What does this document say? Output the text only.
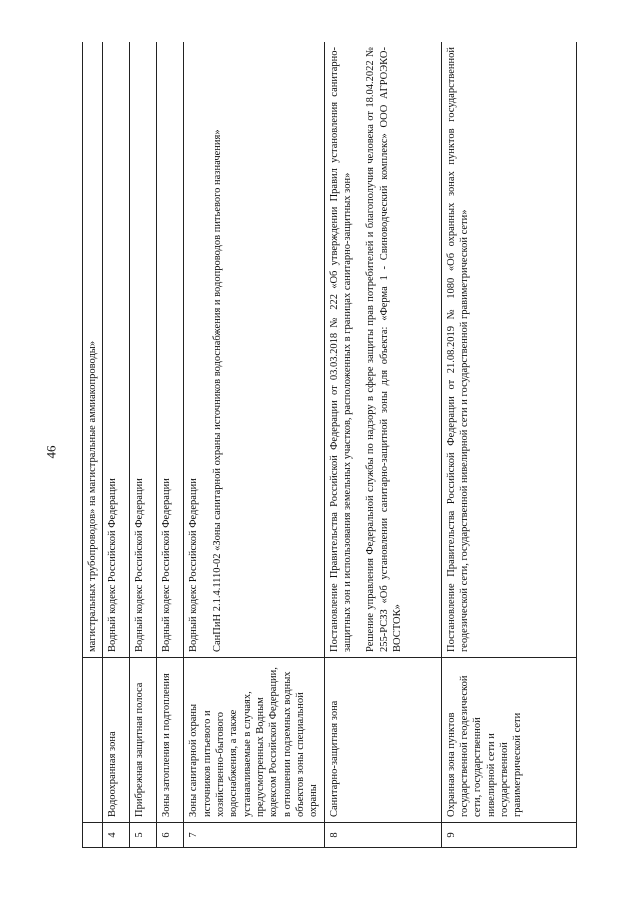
46

		магистральных трубопроводов» на магистральные аммиакопроводы»

4	Водоохранная зона	Водный кодекс Российской Федерации

5	Прибрежная защитная полоса	Водный кодекс Российской Федерации

6	Зоны затопления и подтопления	Водный кодекс Российской Федерации

7	Зоны санитарной охраны источников питьевого и хозяйственно-бытового водоснабжения, а также устанавливаемые в случаях, предусмотренных Водным кодексом Российской Федерации, в отношении подземных водных объектов зоны специальной охраны	Водный кодекс Российской Федерации СанПиН 2.1.4.1110-02 «Зоны санитарной охраны источников водоснабжения и водопроводов питьевого назначения»

8	Санитарно-защитная зона	Постановление Правительства Российской Федерации от 03.03.2018 № 222 «Об утверждении Правил установления санитарно-защитных зон и использования земельных участков, расположенных в границах санитарно-защитных зон» Решение управления Федеральной службы по надзору в сфере защиты прав потребителей и благополучия человека от 18.04.2022 № 255-РСЗЗ «Об установлении санитарно-защитной зоны для объекта: «Ферма 1 - Свиноводческий комплекс» ООО АГРОЭКО-ВОСТОК»

9	Охранная зона пунктов государственной геодезической сети, государственной нивелирной сети и государственной гравиметрической сети	Постановление Правительства Российской Федерации от 21.08.2019 № 1080 «Об охранных зонах пунктов государственной геодезической сети, государственной нивелирной сети и государственной гравиметрической сети»
